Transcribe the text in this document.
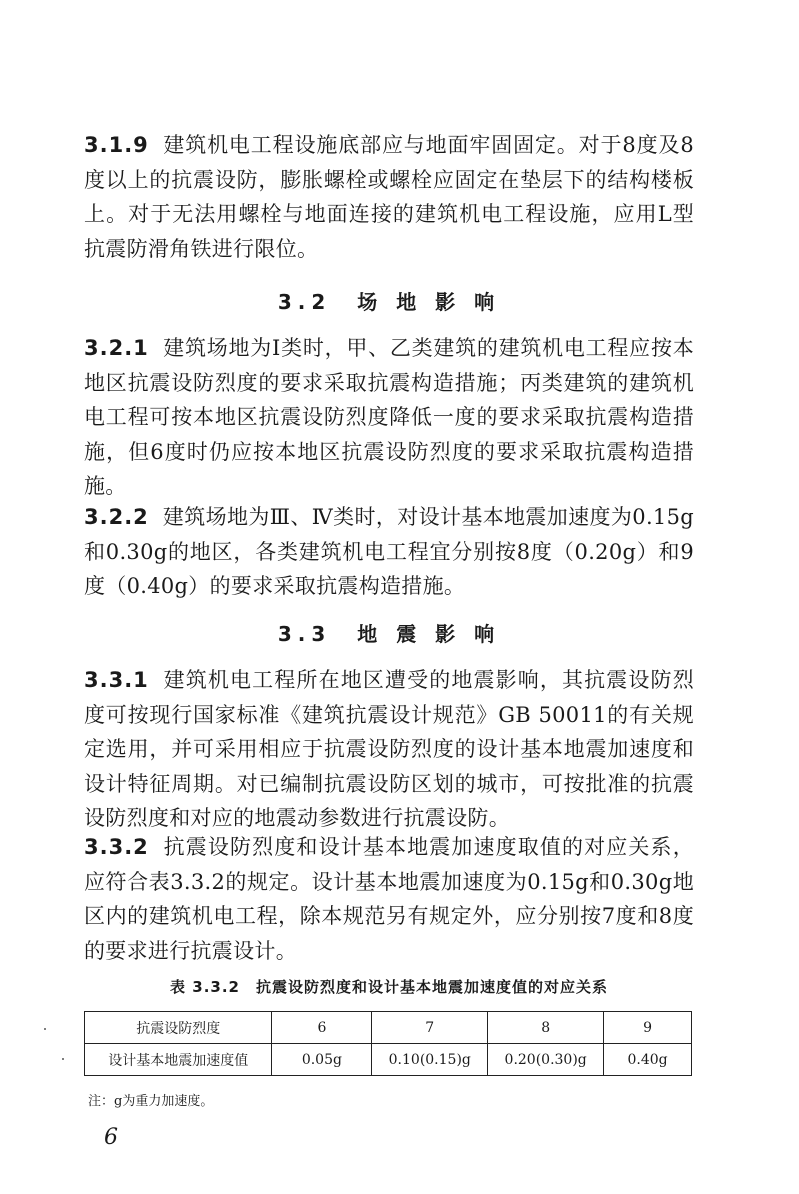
3.1.9 建筑机电工程设施底部应与地面牢固固定。对于8度及8度以上的抗震设防，膨胀螺栓或螺栓应固定在垫层下的结构楼板上。对于无法用螺栓与地面连接的建筑机电工程设施，应用L型抗震防滑角铁进行限位。

3.2　场 地 影 响

3.2.1 建筑场地为Ⅰ类时，甲、乙类建筑的建筑机电工程应按本地区抗震设防烈度的要求采取抗震构造措施；丙类建筑的建筑机电工程可按本地区抗震设防烈度降低一度的要求采取抗震构造措施，但6度时仍应按本地区抗震设防烈度的要求采取抗震构造措施。

3.2.2 建筑场地为Ⅲ、Ⅳ类时，对设计基本地震加速度为0.15g和0.30g的地区，各类建筑机电工程宜分别按8度（0.20g）和9度（0.40g）的要求采取抗震构造措施。

3.3　地 震 影 响

3.3.1 建筑机电工程所在地区遭受的地震影响，其抗震设防烈度可按现行国家标准《建筑抗震设计规范》GB 50011的有关规定选用，并可采用相应于抗震设防烈度的设计基本地震加速度和设计特征周期。对已编制抗震设防区划的城市，可按批准的抗震设防烈度和对应的地震动参数进行抗震设防。

3.3.2 抗震设防烈度和设计基本地震加速度取值的对应关系，应符合表3.3.2的规定。设计基本地震加速度为0.15g和0.30g地区内的建筑机电工程，除本规范另有规定外，应分别按7度和8度的要求进行抗震设计。

表 3.3.2　抗震设防烈度和设计基本地震加速度值的对应关系
抗震设防烈度	6	7	8	9
设计基本地震加速度值	0.05g	0.10(0.15)g	0.20(0.30)g	0.40g
注：g为重力加速度。
6
